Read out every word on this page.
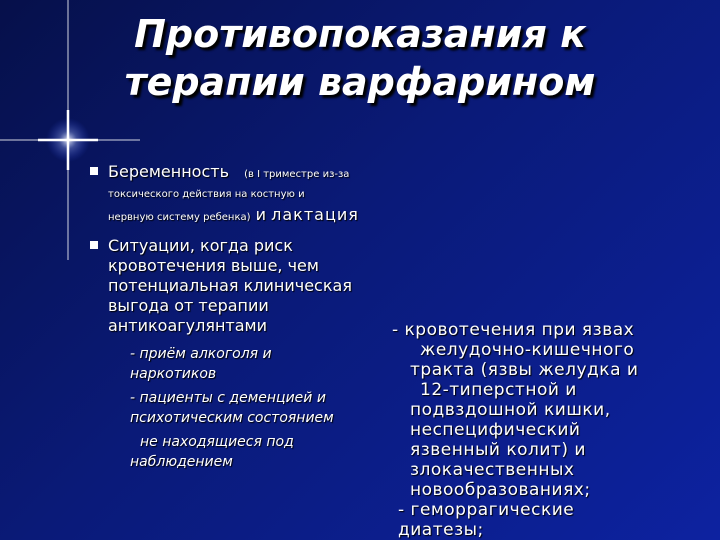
Противопоказания к
терапии варфарином
Беременность (в I триместре из-за
токсического действия на костную и
нервную систему ребенка) и лактация
Ситуации, когда риск
кровотечения выше, чем
потенциальная клиническая
выгода от терапии
антикоагулянтами
- приём алкоголя и
наркотиков
- пациенты с деменцией и
психотическим состоянием
не находящиеся под
наблюдением
- кровотечения при язвах
желудочно-кишечного
тракта (язвы желудка и
12-типерстной и
подвздошной кишки,
неспецифический
язвенный колит) и
злокачественных
новообразованиях;
- геморрагические
диатезы;
